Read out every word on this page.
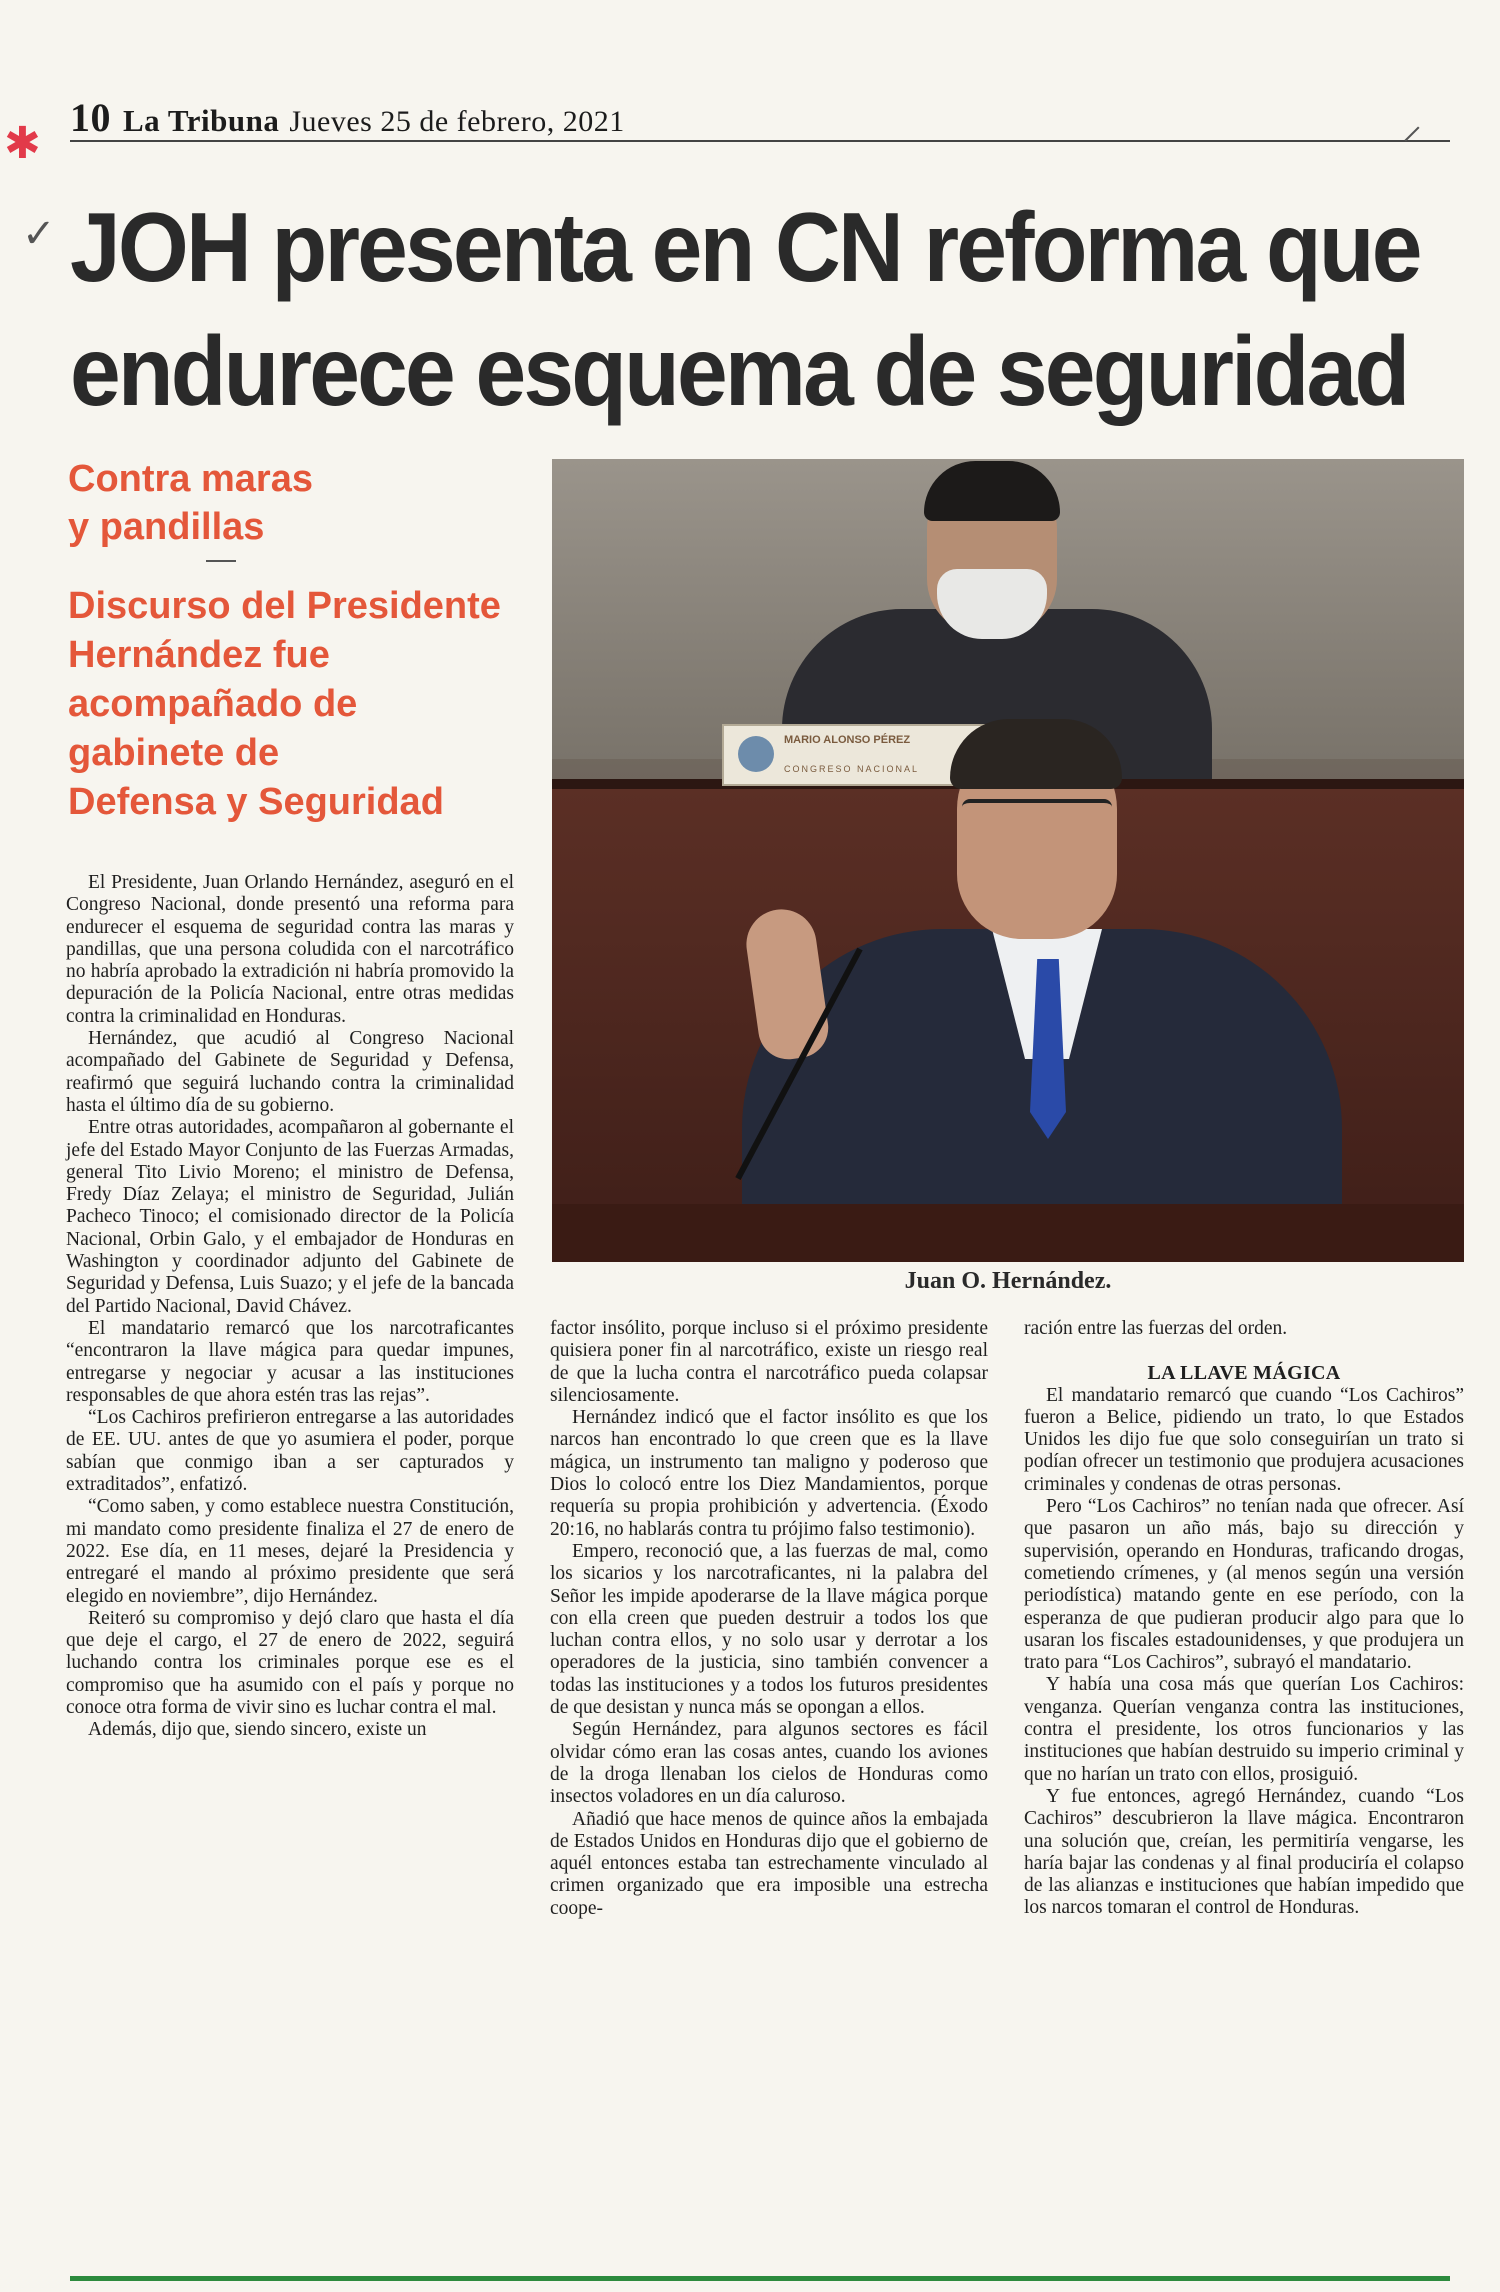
10 La Tribuna Jueves 25 de febrero, 2021
✱
✓
⸍
JOH presenta en CN reforma que
endurece esquema de seguridad
Contra maras
y pandillas
Discurso del Presidente
Hernández fue
acompañado de
gabinete de
Defensa y Seguridad
MARIO ALONSO PÉREZ
CONGRESO NACIONAL
Juan O. Hernández.

El Presidente, Juan Orlando Hernández, aseguró en el Congreso Nacional, donde presentó una reforma para endurecer el esquema de seguridad contra las maras y pandillas, que una persona coludida con el narcotráfico no habría aprobado la extradición ni habría promovido la depuración de la Policía Nacional, entre otras medidas contra la criminalidad en Honduras.

Hernández, que acudió al Congreso Nacional acompañado del Gabinete de Seguridad y Defensa, reafirmó que seguirá luchando contra la criminalidad hasta el último día de su gobierno.

Entre otras autoridades, acompañaron al gobernante el jefe del Estado Mayor Conjunto de las Fuerzas Armadas, general Tito Livio Moreno; el ministro de Defensa, Fredy Díaz Zelaya; el ministro de Seguridad, Julián Pacheco Tinoco; el comisionado director de la Policía Nacional, Orbin Galo, y el embajador de Honduras en Washington y coordinador adjunto del Gabinete de Seguridad y Defensa, Luis Suazo; y el jefe de la bancada del Partido Nacional, David Chávez.

El mandatario remarcó que los narcotraficantes “encontraron la llave mágica para quedar impunes, entregarse y negociar y acusar a las instituciones responsables de que ahora estén tras las rejas”.

“Los Cachiros prefirieron entregarse a las autoridades de EE. UU. antes de que yo asumiera el poder, porque sabían que conmigo iban a ser capturados y extraditados”, enfatizó.

“Como saben, y como establece nuestra Constitución, mi mandato como presidente finaliza el 27 de enero de 2022. Ese día, en 11 meses, dejaré la Presidencia y entregaré el mando al próximo presidente que será elegido en noviembre”, dijo Hernández.

Reiteró su compromiso y dejó claro que hasta el día que deje el cargo, el 27 de enero de 2022, seguirá luchando contra los criminales porque ese es el compromiso que ha asumido con el país y porque no conoce otra forma de vivir sino es luchar contra el mal.

Además, dijo que, siendo sincero, existe un

factor insólito, porque incluso si el próximo presidente quisiera poner fin al narcotráfico, existe un riesgo real de que la lucha contra el narcotráfico pueda colapsar silenciosamente.

Hernández indicó que el factor insólito es que los narcos han encontrado lo que creen que es la llave mágica, un instrumento tan maligno y poderoso que Dios lo colocó entre los Diez Mandamientos, porque requería su propia prohibición y advertencia. (Éxodo 20:16, no hablarás contra tu prójimo falso testimonio).

Empero, reconoció que, a las fuerzas de mal, como los sicarios y los narcotraficantes, ni la palabra del Señor les impide apoderarse de la llave mágica porque con ella creen que pueden destruir a todos los que luchan contra ellos, y no solo usar y derrotar a los operadores de la justicia, sino también convencer a todas las instituciones y a todos los futuros presidentes de que desistan y nunca más se opongan a ellos.

Según Hernández, para algunos sectores es fácil olvidar cómo eran las cosas antes, cuando los aviones de la droga llenaban los cielos de Honduras como insectos voladores en un día caluroso.

Añadió que hace menos de quince años la embajada de Estados Unidos en Honduras dijo que el gobierno de aquél entonces estaba tan estrechamente vinculado al crimen organizado que era imposible una estrecha coope-

ración entre las fuerzas del orden.

LA LLAVE MÁGICA

El mandatario remarcó que cuando “Los Cachiros” fueron a Belice, pidiendo un trato, lo que Estados Unidos les dijo fue que solo conseguirían un trato si podían ofrecer un testimonio que produjera acusaciones criminales y condenas de otras personas.

Pero “Los Cachiros” no tenían nada que ofrecer. Así que pasaron un año más, bajo su dirección y supervisión, operando en Honduras, traficando drogas, cometiendo crímenes, y (al menos según una versión periodística) matando gente en ese período, con la esperanza de que pudieran producir algo para que lo usaran los fiscales estadounidenses, y que produjera un trato para “Los Cachiros”, subrayó el mandatario.

Y había una cosa más que querían Los Cachiros: venganza. Querían venganza contra las instituciones, contra el presidente, los otros funcionarios y las instituciones que habían destruido su imperio criminal y que no harían un trato con ellos, prosiguió.

Y fue entonces, agregó Hernández, cuando “Los Cachiros” descubrieron la llave mágica. Encontraron una solución que, creían, les permitiría vengarse, les haría bajar las condenas y al final produciría el colapso de las alianzas e instituciones que habían impedido que los narcos tomaran el control de Honduras.
